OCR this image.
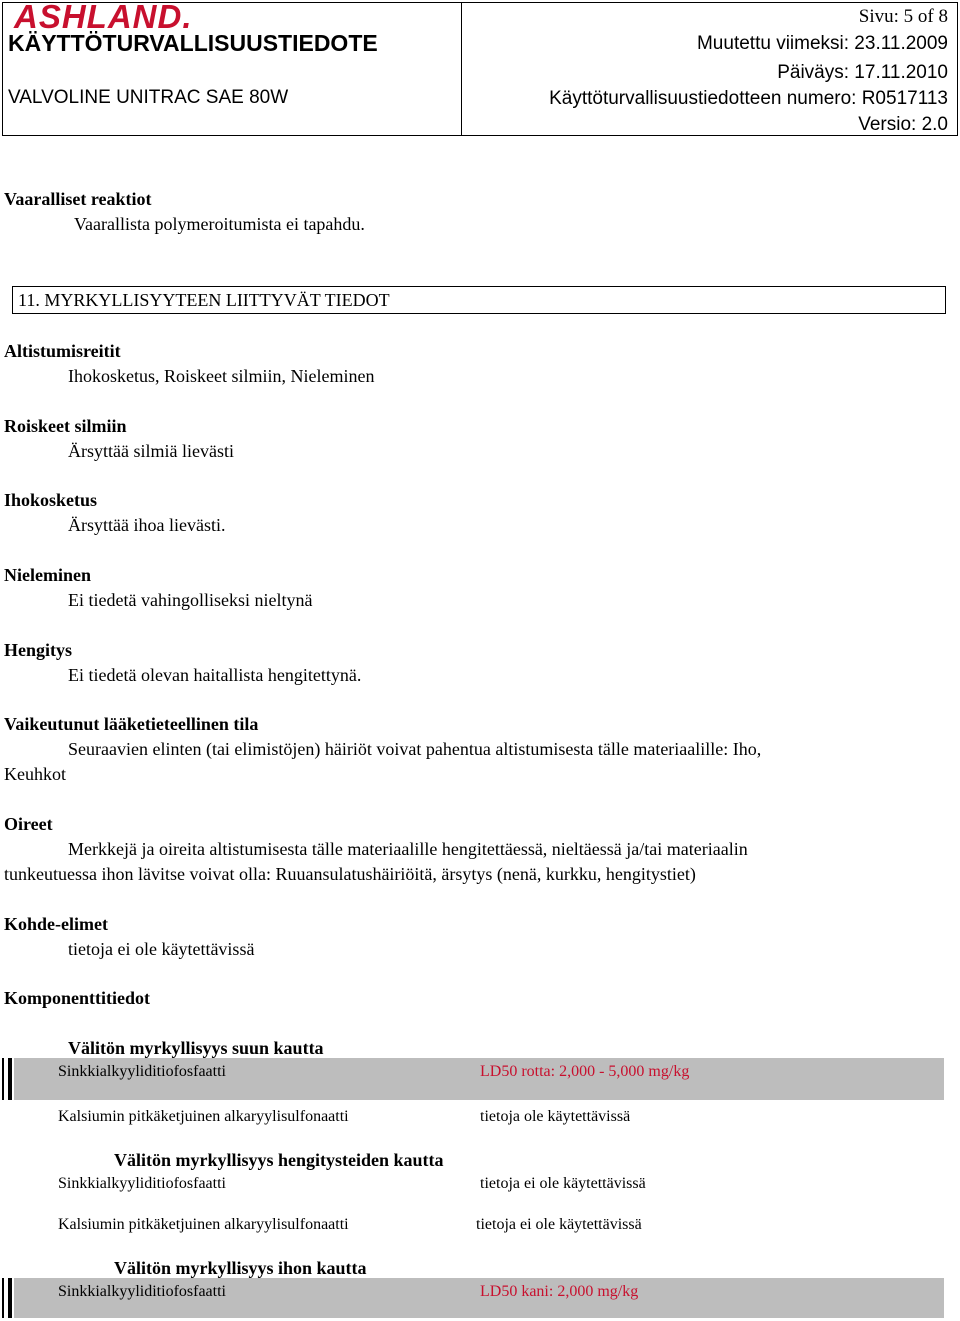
ASHLAND.
KÄYTTÖTURVALLISUUSTIEDOTE
VALVOLINE UNITRAC SAE 80W
Sivu: 5 of 8
Muutettu viimeksi: 23.11.2009
Päiväys: 17.11.2010
Käyttöturvallisuustiedotteen numero: R0517113
Versio: 2.0
Vaaralliset reaktiot
Vaarallista polymeroitumista ei tapahdu.
11. MYRKYLLISYYTEEN LIITTYVÄT TIEDOT
Altistumisreitit
Ihokosketus, Roiskeet silmiin, Nieleminen
Roiskeet silmiin
Ärsyttää silmiä lievästi
Ihokosketus
Ärsyttää ihoa lievästi.
Nieleminen
Ei tiedetä vahingolliseksi nieltynä
Hengitys
Ei tiedetä olevan haitallista hengitettynä.
Vaikeutunut lääketieteellinen tila
Seuraavien elinten (tai elimistöjen) häiriöt voivat pahentua altistumisesta tälle materiaalille: Iho,
Keuhkot
Oireet
Merkkejä ja oireita altistumisesta tälle materiaalille hengitettäessä, nieltäessä ja/tai materiaalin
tunkeutuessa ihon lävitse voivat olla: Ruuansulatushäiriöitä, ärsytys (nenä, kurkku, hengitystiet)
Kohde-elimet
tietoja ei ole käytettävissä
Komponenttitiedot
Välitön myrkyllisyys suun kautta
Sinkkialkyyliditiofosfaatti	LD50 rotta: 2,000 - 5,000 mg/kg
Kalsiumin pitkäketjuinen alkaryylisulfonaatti	tietoja ole käytettävissä
Välitön myrkyllisyys hengitysteiden kautta
Sinkkialkyyliditiofosfaatti	tietoja ei ole käytettävissä
Kalsiumin pitkäketjuinen alkaryylisulfonaatti	tietoja ei ole käytettävissä
Välitön myrkyllisyys ihon kautta
Sinkkialkyyliditiofosfaatti	LD50 kani: 2,000 mg/kg
